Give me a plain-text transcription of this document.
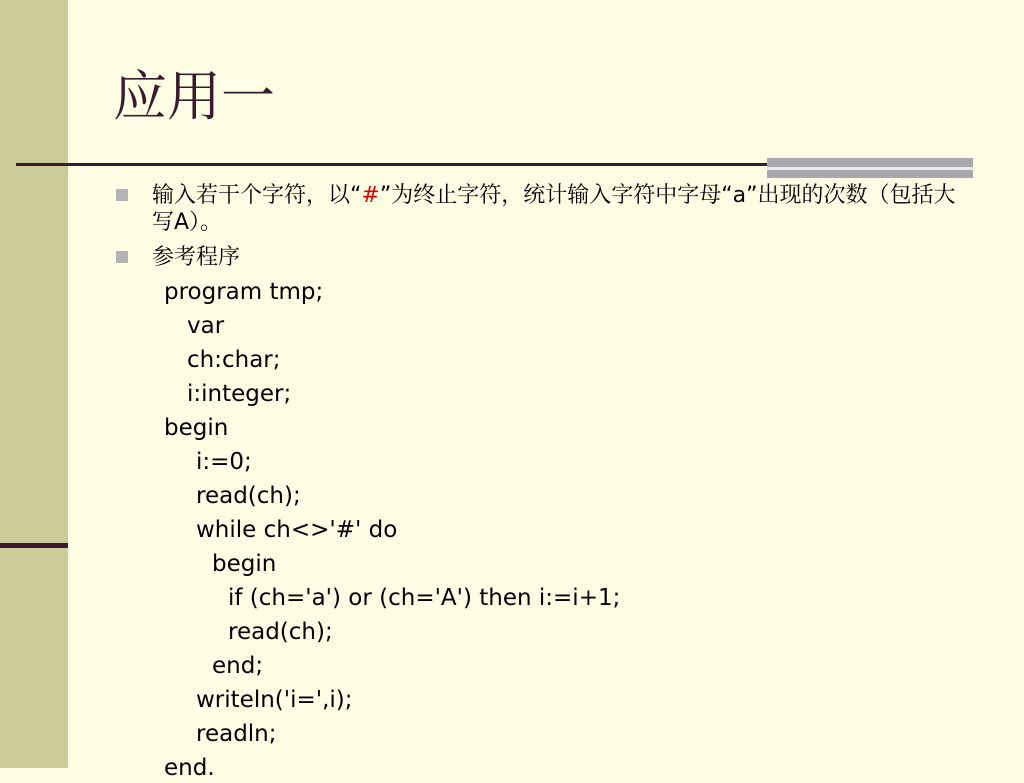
应用一
输入若干个字符，以“#”为终止字符，统计输入字符中字母“a”出现的次数（包括大写A）。
参考程序
program tmp;
var
ch:char;
i:integer;
begin
i:=0;
read(ch);
while ch<>'#' do
begin
if (ch='a') or (ch='A') then i:=i+1;
read(ch);
end;
writeln('i=',i);
readln;
end.
